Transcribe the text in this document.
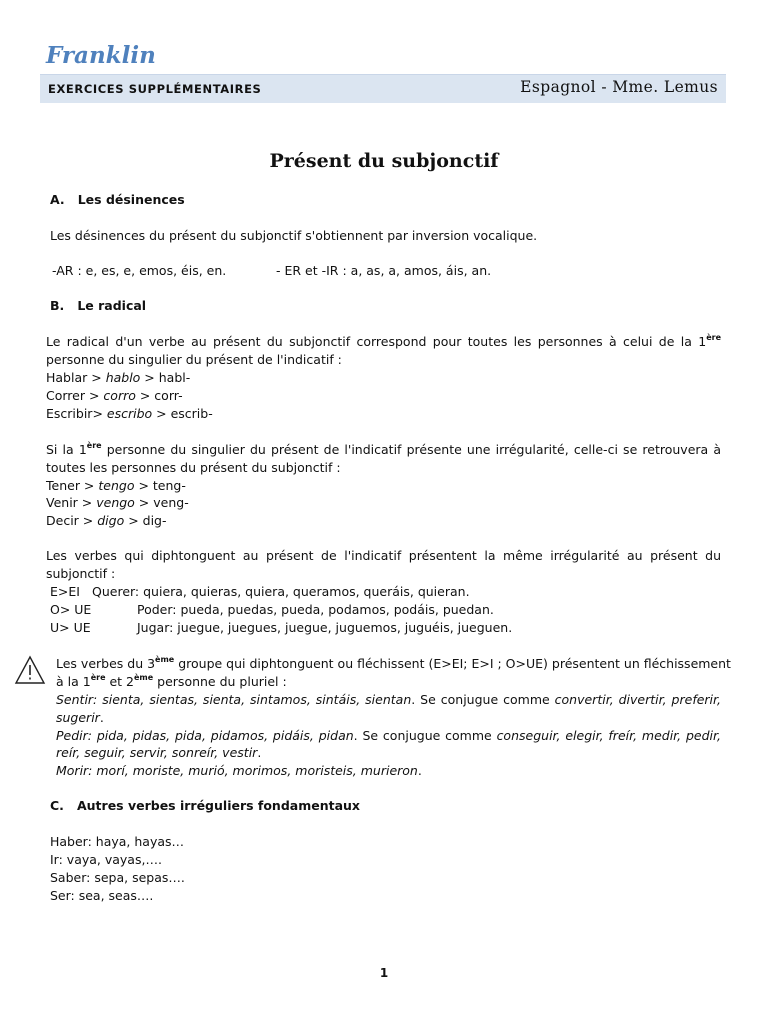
Franklin
EXERCICES SUPPLÉMENTAIRES	Espagnol - Mme. Lemus
Présent du subjonctif
A.   Les désinences
Les désinences du présent du subjonctif s'obtiennent par inversion vocalique.
-AR : e, es, e, emos, éis, en.	- ER et -IR : a, as, a, amos, áis, an.
B.   Le radical
Le radical d'un verbe au présent du subjonctif correspond pour toutes les personnes à celui de la 1ère
personne du singulier du présent de l'indicatif :
Hablar > hablo > habl-
Correr > corro > corr-
Escribir> escribo > escrib-
Si la 1ère personne du singulier du présent de l'indicatif présente une irrégularité, celle-ci se retrouvera à
toutes les personnes du présent du subjonctif :
Tener > tengo > teng-
Venir > vengo > veng-
Decir > digo > dig-
Les verbes qui diphtonguent au présent de l'indicatif présentent la même irrégularité au présent du
subjonctif :
E>EI Querer: quiera, quieras, quiera, queramos, queráis, quieran.
O> UE	Poder: pueda, puedas, pueda, podamos, podáis, puedan.
U> UE	Jugar: juegue, juegues, juegue, juguemos, juguéis, jueguen.
Les verbes du 3ème groupe qui diphtonguent ou fléchissent (E>EI; E>I ; O>UE) présentent un fléchissement
à la 1ère et 2ème personne du pluriel :
Sentir: sienta, sientas, sienta, sintamos, sintáis, sientan. Se conjugue comme convertir, divertir, preferir,
sugerir.
Pedir: pida, pidas, pida, pidamos, pidáis, pidan. Se conjugue comme conseguir, elegir, freír, medir, pedir,
reír, seguir, servir, sonreír, vestir.
Morir: morí, moriste, murió, morimos, moristeis, murieron.
C.   Autres verbes irréguliers fondamentaux
Haber: haya, hayas…
Ir: vaya, vayas,….
Saber: sepa, sepas….
Ser: sea, seas….
1
